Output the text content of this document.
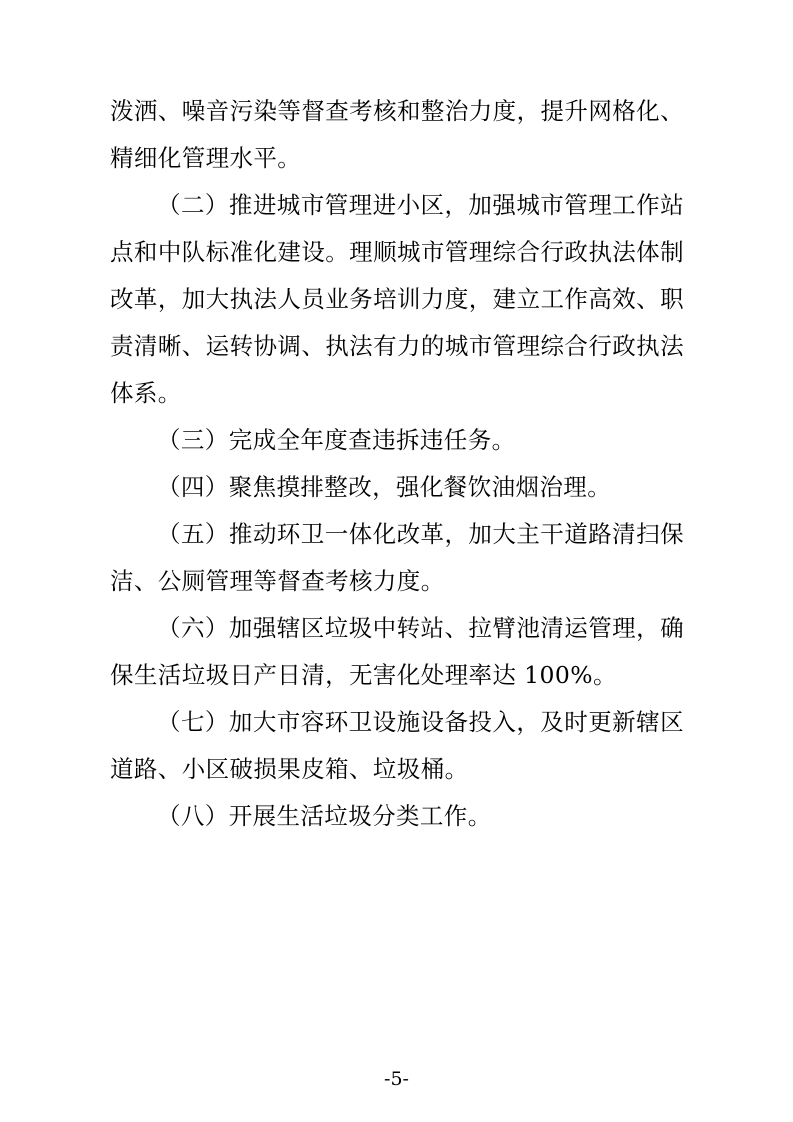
泼洒、噪音污染等督查考核和整治力度，提升网格化、精细化管理水平。

（二）推进城市管理进小区，加强城市管理工作站点和中队标准化建设。理顺城市管理综合行政执法体制改革，加大执法人员业务培训力度，建立工作高效、职责清晰、运转协调、执法有力的城市管理综合行政执法体系。

（三）完成全年度查违拆违任务。

（四）聚焦摸排整改，强化餐饮油烟治理。

（五）推动环卫一体化改革，加大主干道路清扫保洁、公厕管理等督查考核力度。

（六）加强辖区垃圾中转站、拉臂池清运管理，确保生活垃圾日产日清，无害化处理率达 100%。

（七）加大市容环卫设施设备投入，及时更新辖区道路、小区破损果皮箱、垃圾桶。

（八）开展生活垃圾分类工作。

-5-
